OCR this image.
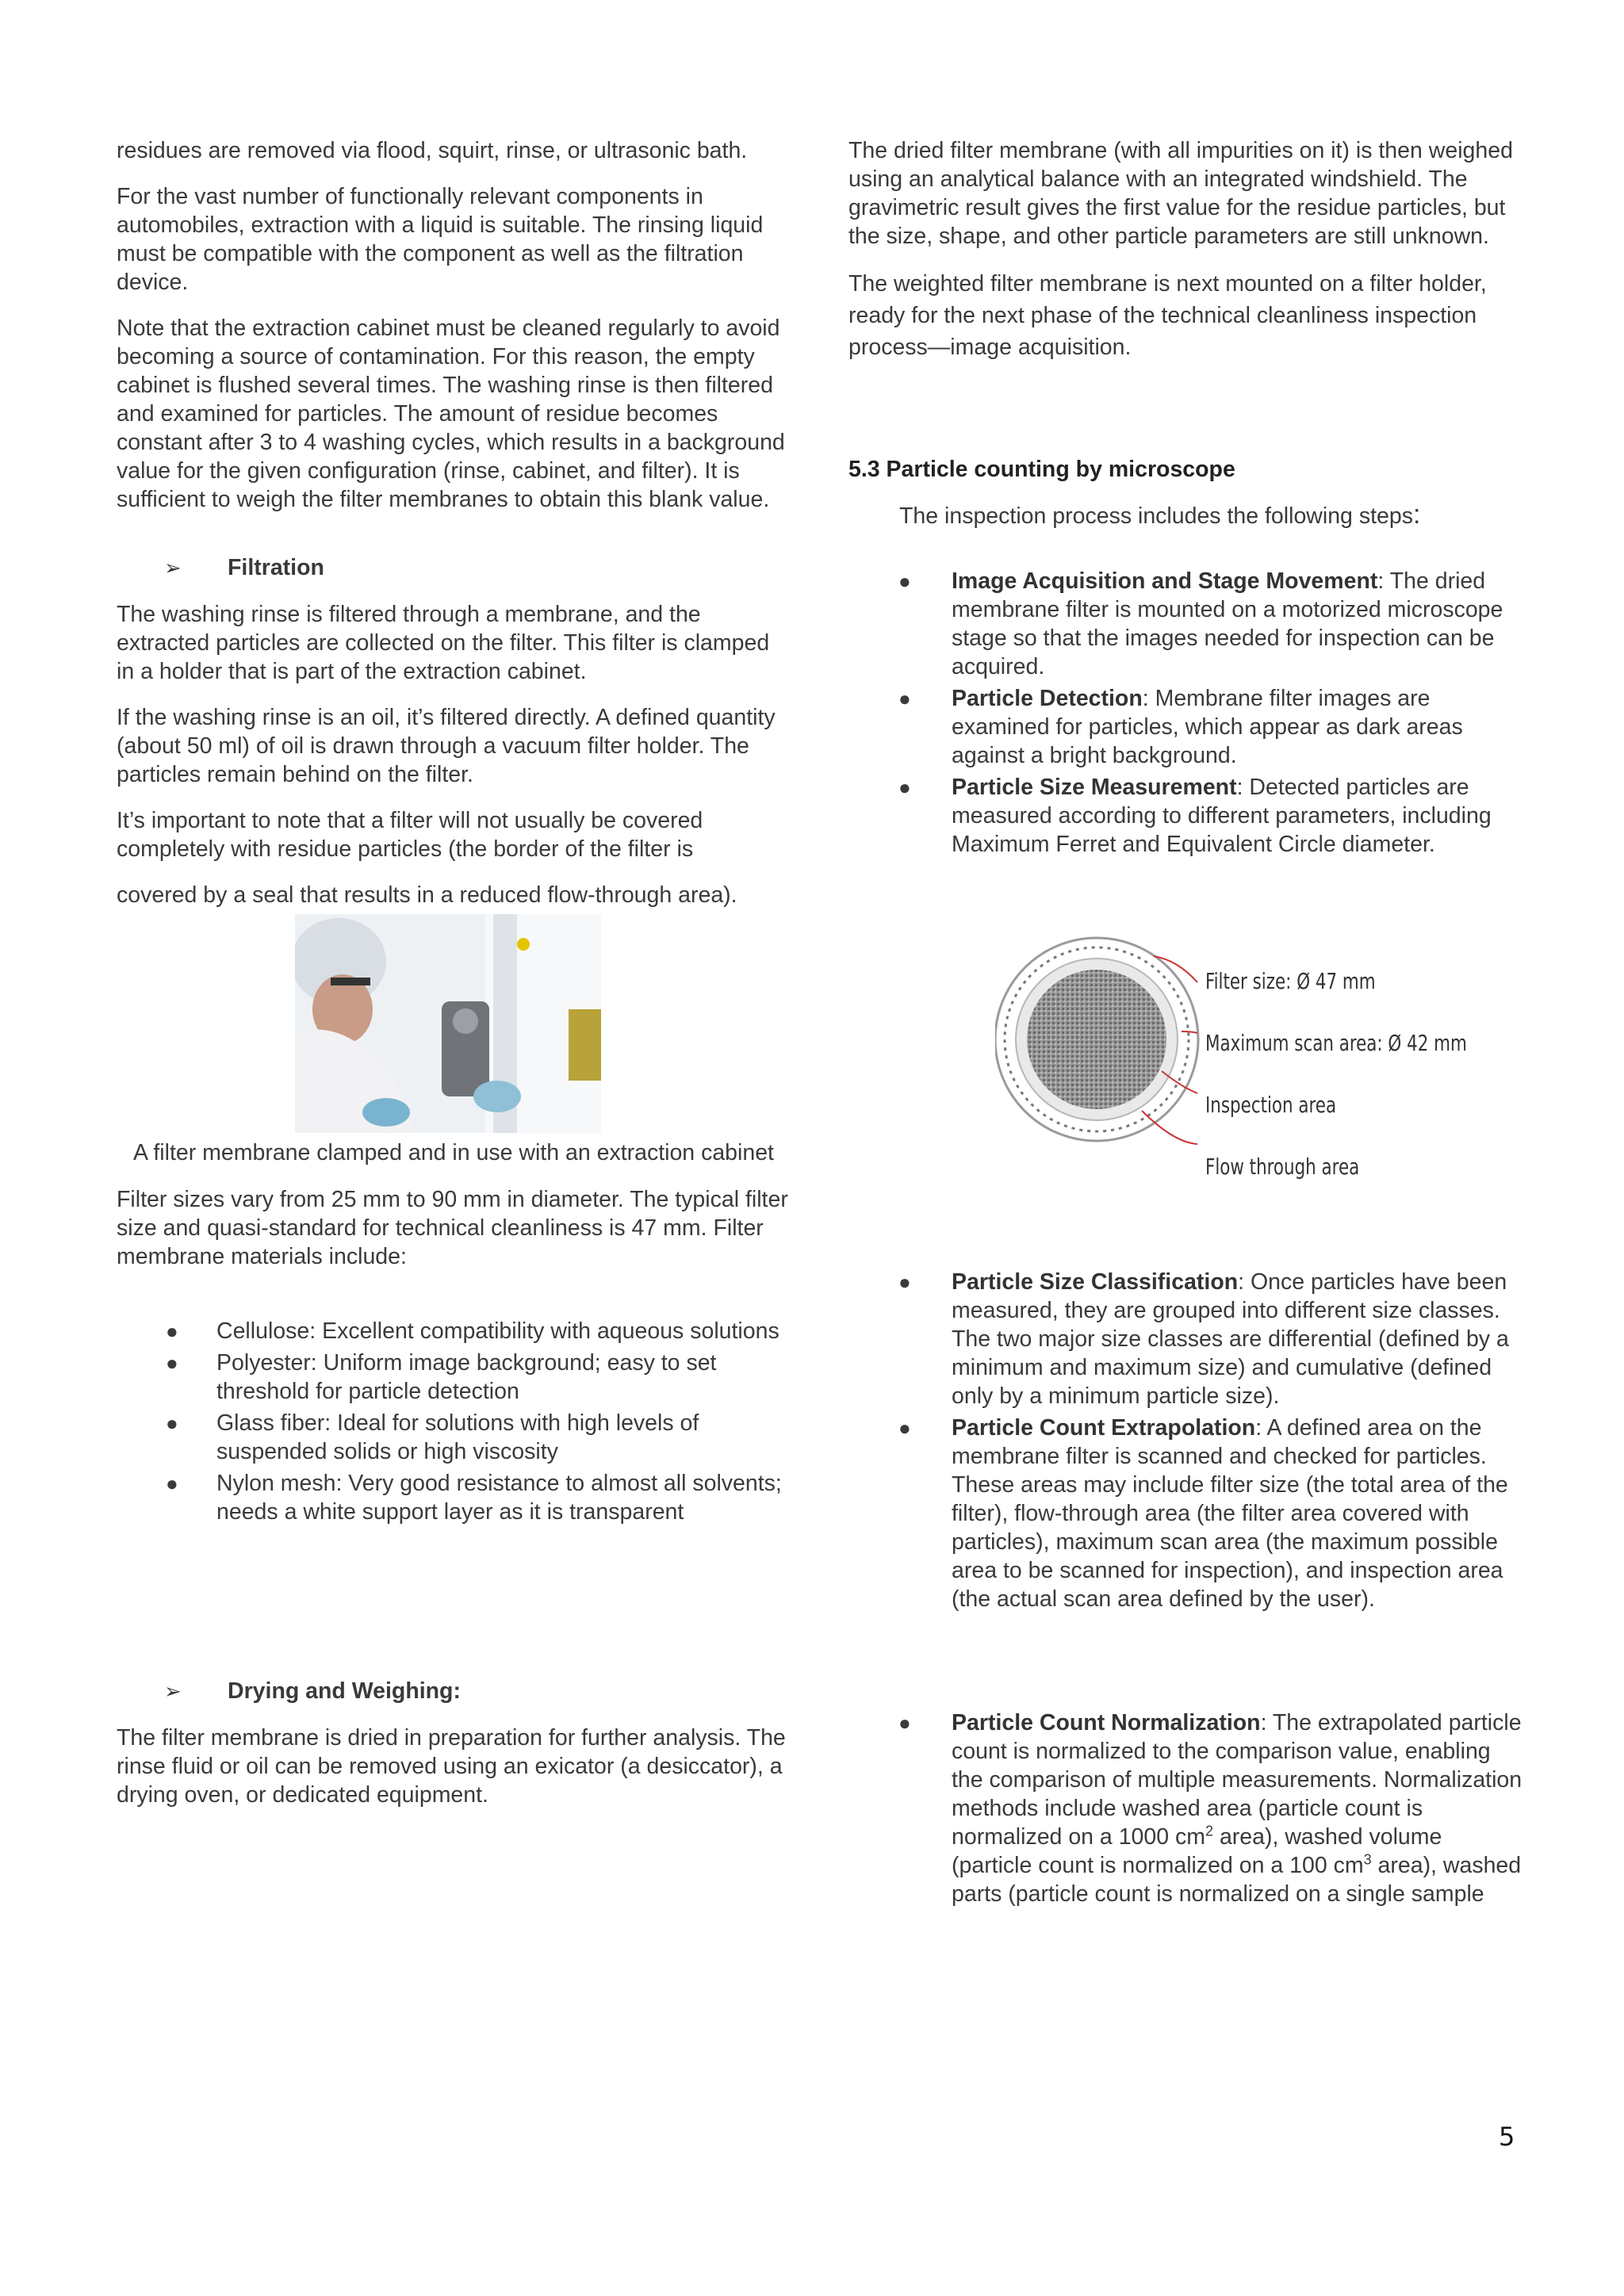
residues are removed via flood, squirt, rinse, or ultrasonic bath.

For the vast number of functionally relevant components in automobiles, extraction with a liquid is suitable. The rinsing liquid must be compatible with the component as well as the filtration device.

Note that the extraction cabinet must be cleaned regularly to avoid becoming a source of contamination. For this reason, the empty cabinet is flushed several times. The washing rinse is then filtered and examined for particles. The amount of residue becomes constant after 3 to 4 washing cycles, which results in a background value for the given configuration (rinse, cabinet, and filter). It is sufficient to weigh the filter membranes to obtain this blank value.

➢	Filtration

The washing rinse is filtered through a membrane, and the extracted particles are collected on the filter. This filter is clamped in a holder that is part of the extraction cabinet.

If the washing rinse is an oil, it’s filtered directly. A defined quantity (about 50 ml) of oil is drawn through a vacuum filter holder. The particles remain behind on the filter.

It’s important to note that a filter will not usually be covered completely with residue particles (the border of the filter is

covered by a seal that results in a reduced flow-through area).

A filter membrane clamped and in use with an extraction cabinet

Filter sizes vary from 25 mm to 90 mm in diameter. The typical filter size and quasi-standard for technical cleanliness is 47 mm. Filter membrane materials include:

● Cellulose: Excellent compatibility with aqueous solutions
● Polyester: Uniform image background; easy to set threshold for particle detection
● Glass fiber: Ideal for solutions with high levels of suspended solids or high viscosity
● Nylon mesh: Very good resistance to almost all solvents; needs a white support layer as it is transparent
➢	Drying and Weighing:

The filter membrane is dried in preparation for further analysis. The rinse fluid or oil can be removed using an exicator (a desiccator), a drying oven, or dedicated equipment.

The dried filter membrane (with all impurities on it) is then weighed using an analytical balance with an integrated windshield. The gravimetric result gives the first value for the residue particles, but the size, shape, and other particle parameters are still unknown.

The weighted filter membrane is next mounted on a filter holder, ready for the next phase of the technical cleanliness inspection process—image acquisition.

5.3 Particle counting by microscope

The inspection process includes the following steps:

● Image Acquisition and Stage Movement: The dried membrane filter is mounted on a motorized microscope stage so that the images needed for inspection can be acquired.
● Particle Detection: Membrane filter images are examined for particles, which appear as dark areas against a bright background.
● Particle Size Measurement: Detected particles are measured according to different parameters, including Maximum Ferret and Equivalent Circle diameter.
Filter size: Ø 47 mm
Maximum scan area: Ø 42 mm
Inspection area
Flow through area
● Particle Size Classification: Once particles have been measured, they are grouped into different size classes. The two major size classes are differential (defined by a minimum and maximum size) and cumulative (defined only by a minimum particle size).
● Particle Count Extrapolation: A defined area on the membrane filter is scanned and checked for particles. These areas may include filter size (the total area of the filter), flow-through area (the filter area covered with particles), maximum scan area (the maximum possible area to be scanned for inspection), and inspection area (the actual scan area defined by the user).
● Particle Count Normalization: The extrapolated particle count is normalized to the comparison value, enabling the comparison of multiple measurements. Normalization methods include washed area (particle count is normalized on a 1000 $cm^2$ area), washed volume (particle count is normalized on a 100 $cm^3$ area), washed parts (particle count is normalized on a single sample
5
